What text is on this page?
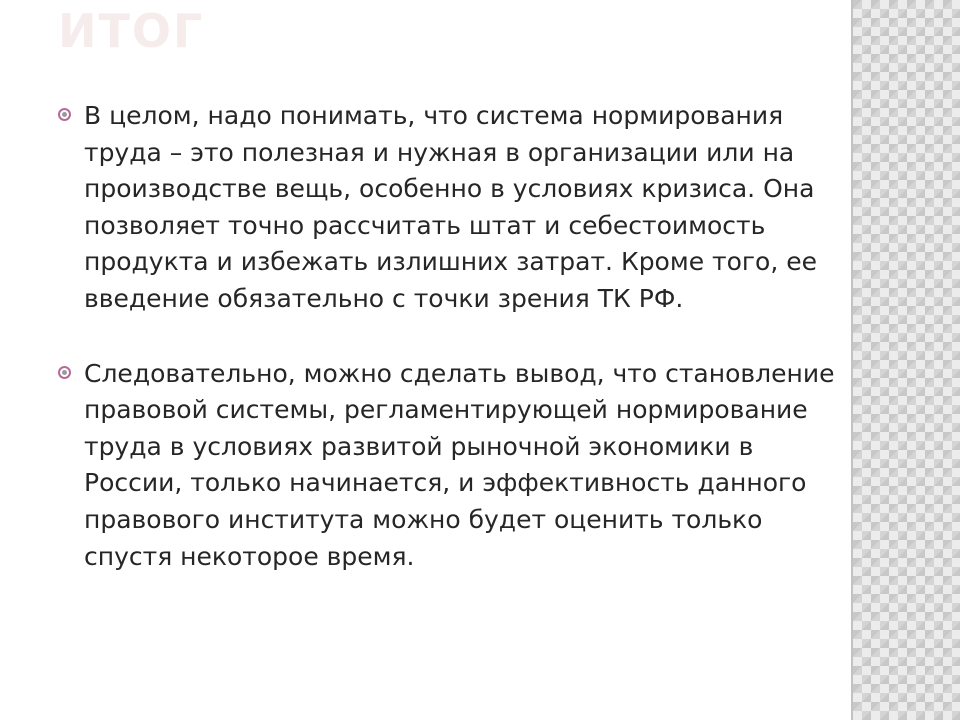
ИТОГ
В целом, надо понимать, что система нормирования труда – это полезная и нужная в организации или на производстве вещь, особенно в условиях кризиса. Она позволяет точно рассчитать штат и себестоимость продукта и избежать излишних затрат. Кроме того, ее введение обязательно с точки зрения ТК РФ.
Следовательно, можно сделать вывод, что становление правовой системы, регламентирующей нормирование труда в условиях развитой рыночной экономики в России, только начинается, и эффективность данного правового института можно будет оценить только спустя некоторое время.
